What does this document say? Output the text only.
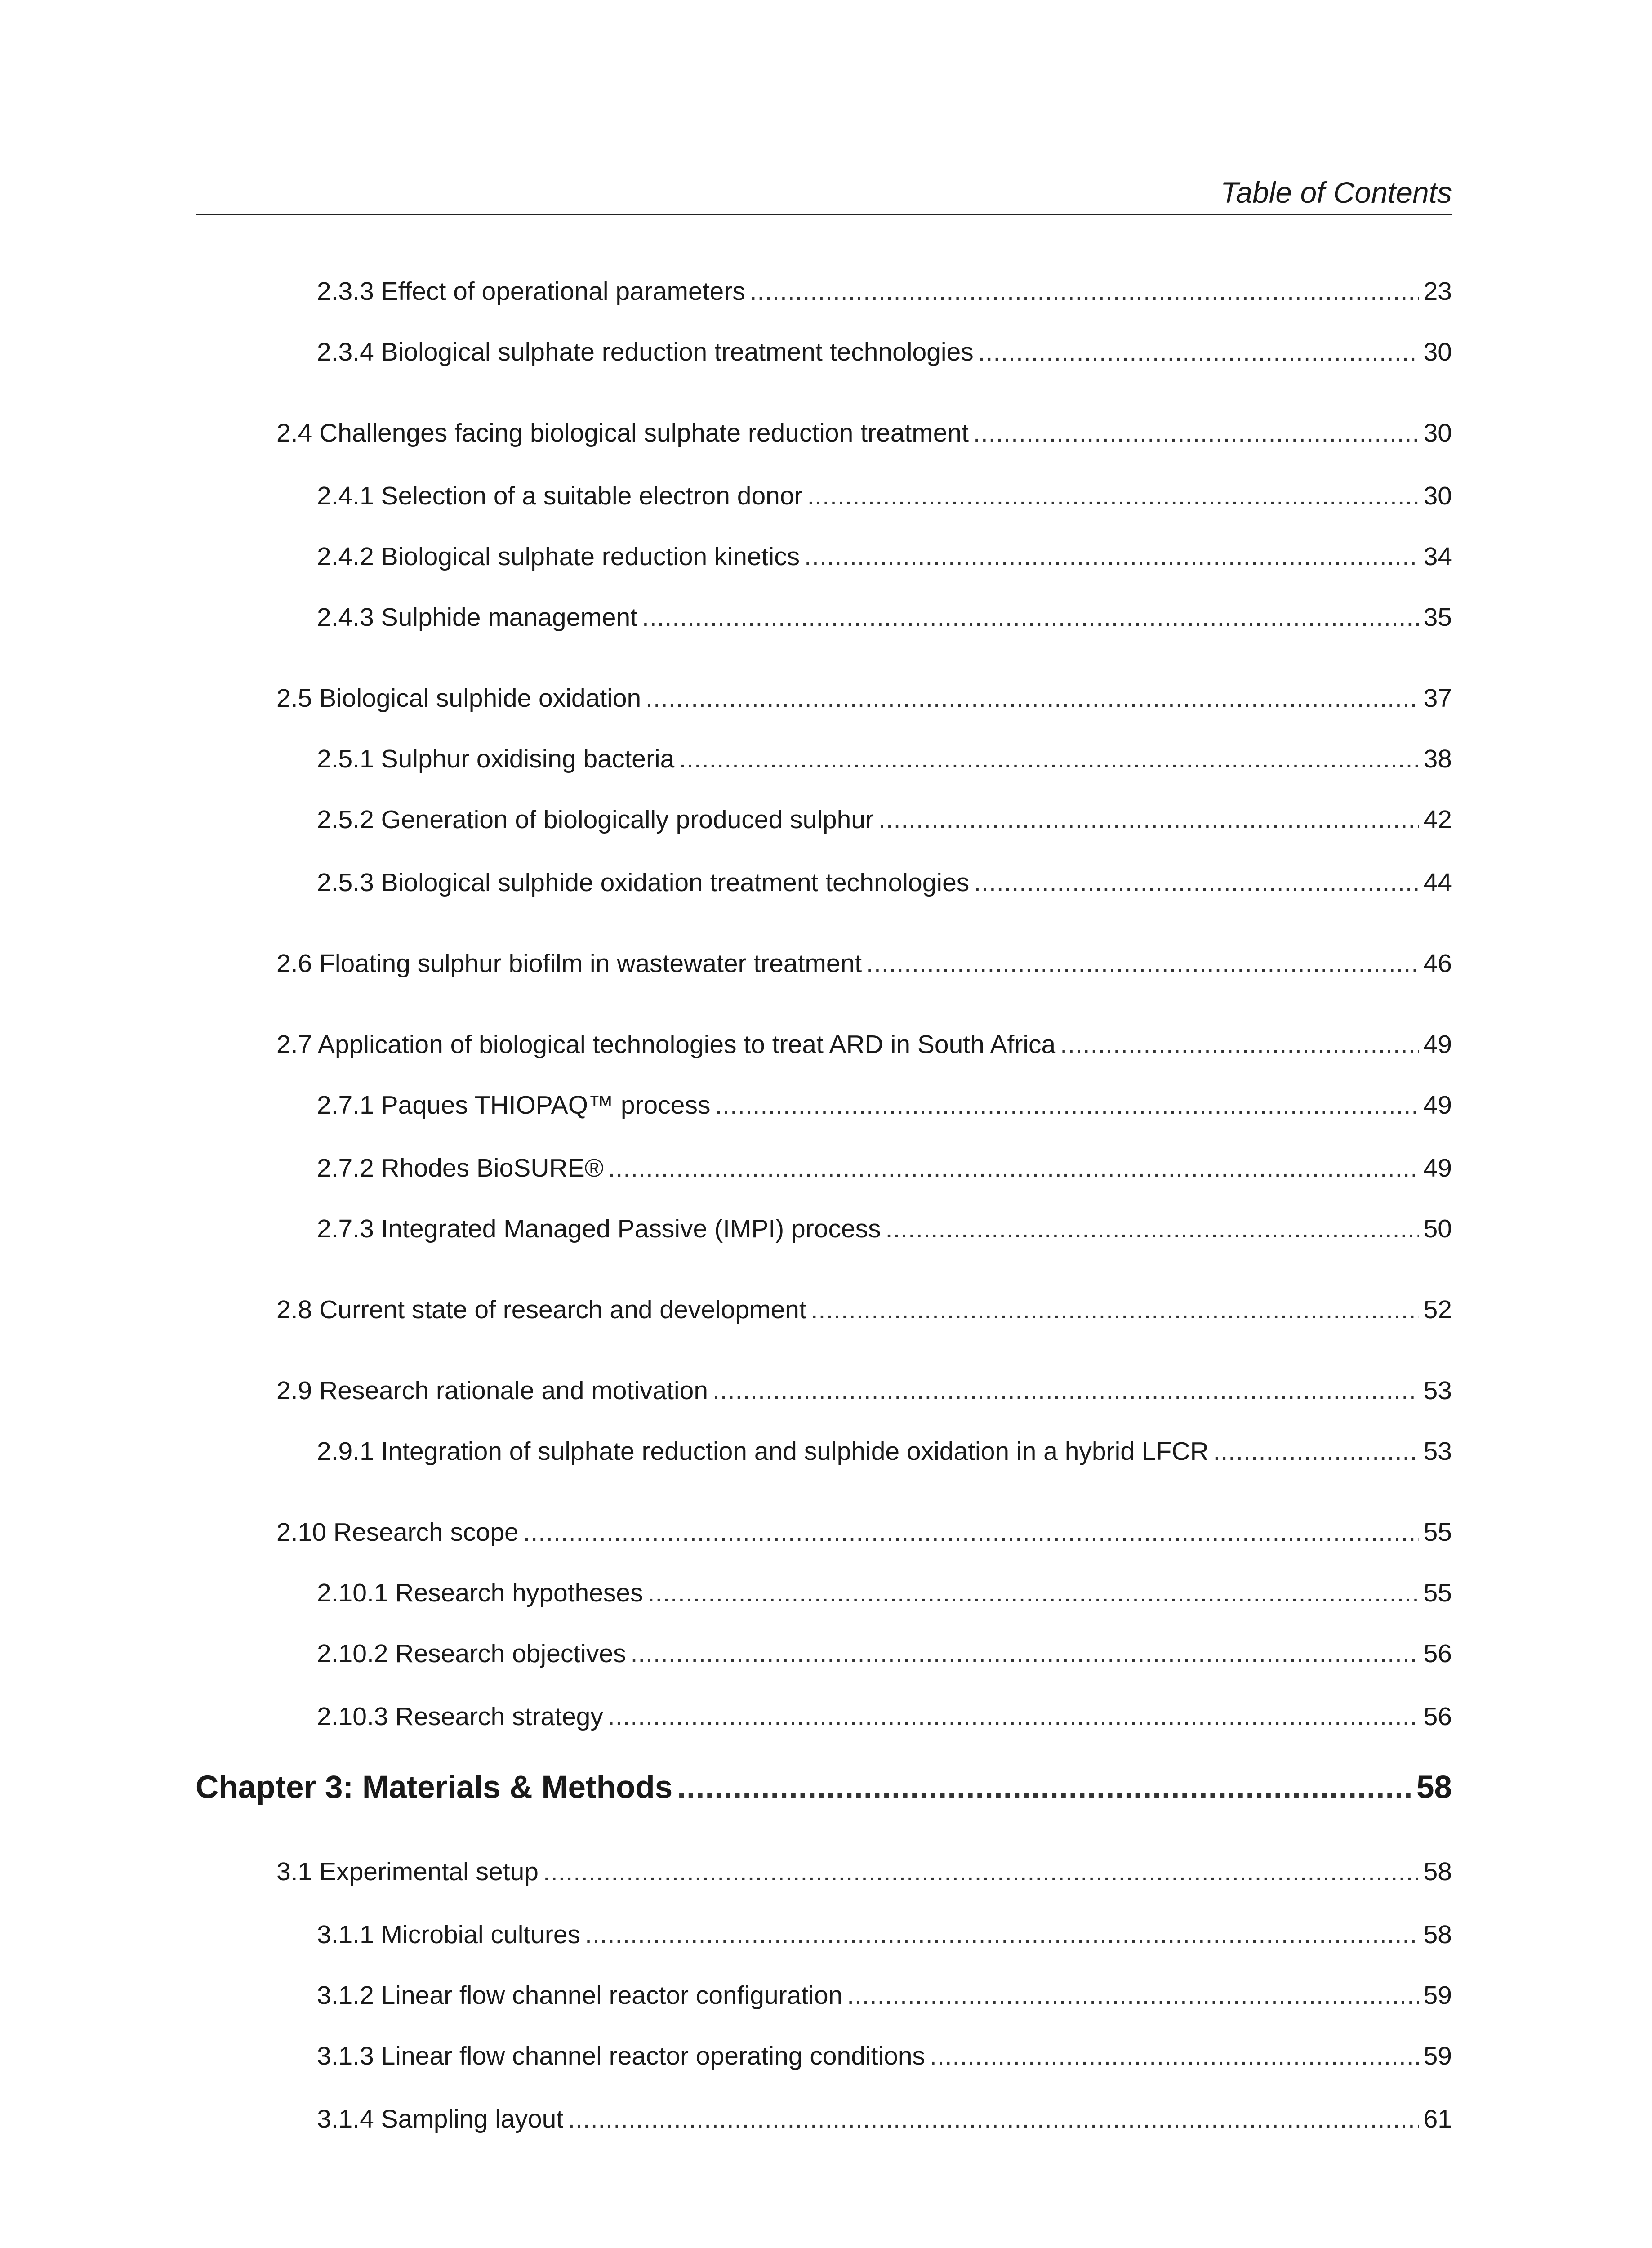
Table of Contents
2.3.3 Effect of operational parameters .....	23
2.3.4 Biological sulphate reduction treatment technologies .....	30
2.4 Challenges facing biological sulphate reduction treatment .....	30
2.4.1 Selection of a suitable electron donor .....	30
2.4.2 Biological sulphate reduction kinetics .....	34
2.4.3 Sulphide management .....	35
2.5 Biological sulphide oxidation .....	37
2.5.1 Sulphur oxidising bacteria .....	38
2.5.2 Generation of biologically produced sulphur .....	42
2.5.3 Biological sulphide oxidation treatment technologies .....	44
2.6 Floating sulphur biofilm in wastewater treatment .....	46
2.7 Application of biological technologies to treat ARD in South Africa .....	49
2.7.1 Paques THIOPAQ™ process .....	49
2.7.2 Rhodes BioSURE® .....	49
2.7.3 Integrated Managed Passive (IMPI) process .....	50
2.8 Current state of research and development .....	52
2.9 Research rationale and motivation .....	53
2.9.1 Integration of sulphate reduction and sulphide oxidation in a hybrid LFCR .....	53
2.10 Research scope .....	55
2.10.1 Research hypotheses .....	55
2.10.2 Research objectives .....	56
2.10.3 Research strategy .....	56
Chapter 3: Materials & Methods .....	58
3.1 Experimental setup .....	58
3.1.1 Microbial cultures .....	58
3.1.2 Linear flow channel reactor configuration .....	59
3.1.3 Linear flow channel reactor operating conditions .....	59
3.1.4 Sampling layout .....	61
